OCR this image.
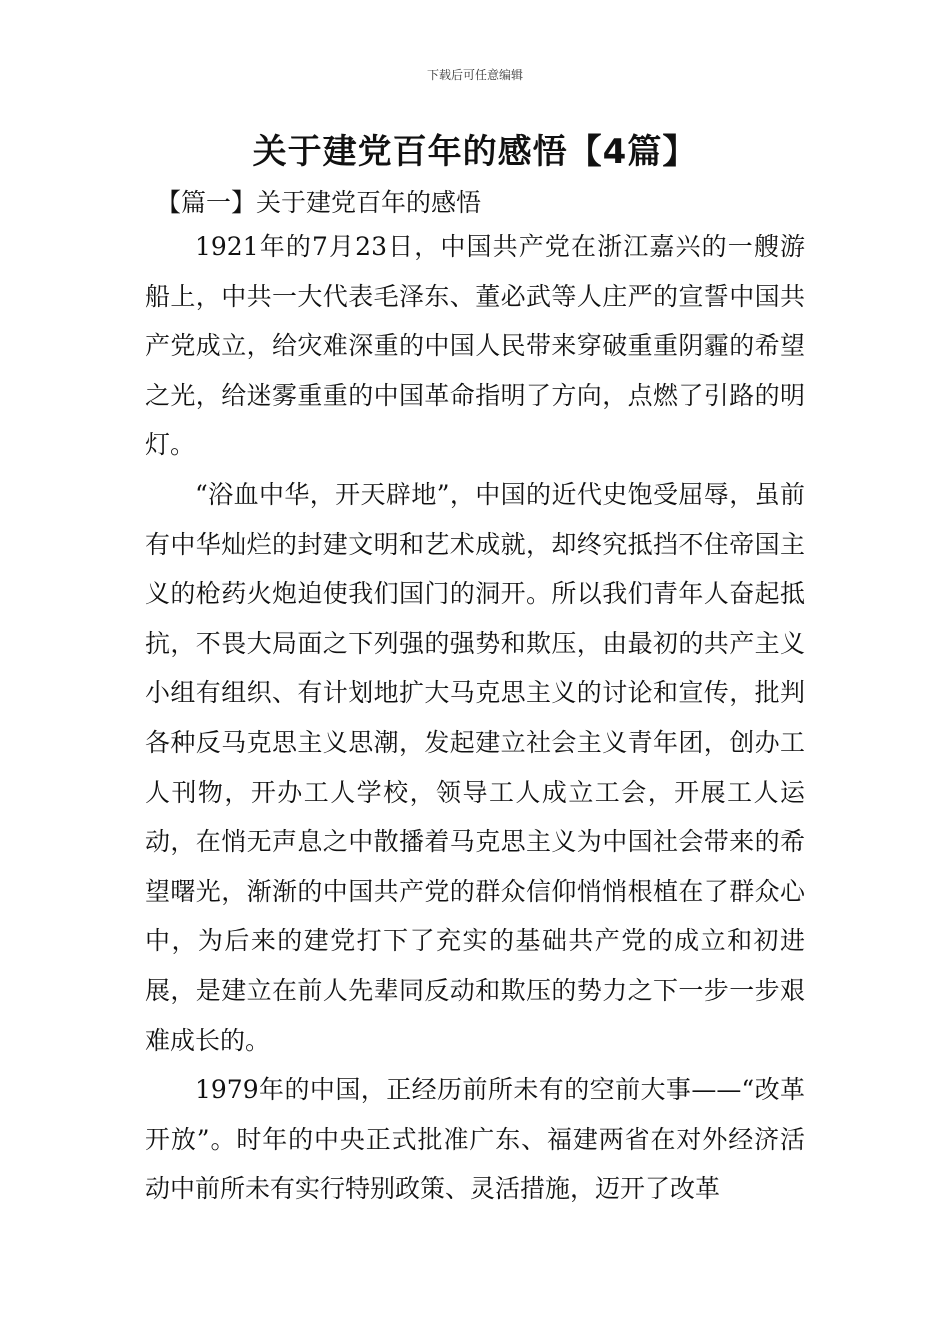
下载后可任意编辑
关于建党百年的感悟【4篇】
【篇一】关于建党百年的感悟

1921年的7月23日，中国共产党在浙江嘉兴的一艘游船上，中共一大代表毛泽东、董必武等人庄严的宣誓中国共产党成立，给灾难深重的中国人民带来穿破重重阴霾的希望之光，给迷雾重重的中国革命指明了方向，点燃了引路的明灯。

“浴血中华，开天辟地”，中国的近代史饱受屈辱，虽前有中华灿烂的封建文明和艺术成就，却终究抵挡不住帝国主义的枪药火炮迫使我们国门的洞开。所以我们青年人奋起抵抗，不畏大局面之下列强的强势和欺压，由最初的共产主义小组有组织、有计划地扩大马克思主义的讨论和宣传，批判各种反马克思主义思潮，发起建立社会主义青年团，创办工人刊物，开办工人学校，领导工人成立工会，开展工人运动，在悄无声息之中散播着马克思主义为中国社会带来的希望曙光，渐渐的中国共产党的群众信仰悄悄根植在了群众心中，为后来的建党打下了充实的基础共产党的成立和初进展，是建立在前人先辈同反动和欺压的势力之下一步一步艰难成长的。

1979年的中国，正经历前所未有的空前大事——“改革开放”。时年的中央正式批准广东、福建两省在对外经济活动中前所未有实行特别政策、灵活措施，迈开了改革
